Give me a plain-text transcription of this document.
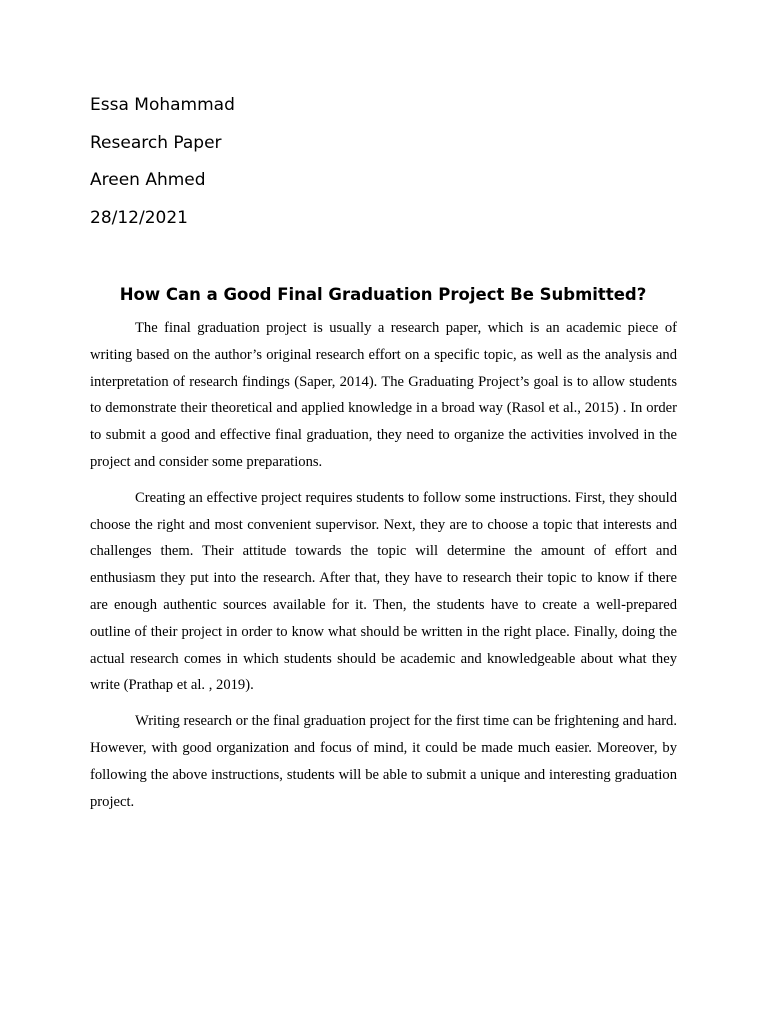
Essa Mohammad
Research Paper
Areen Ahmed
28/12/2021
How Can a Good Final Graduation Project Be Submitted?

The final graduation project is usually a research paper, which is an academic piece of writing based on the author’s original research effort on a specific topic, as well as the analysis and interpretation of research findings (Saper, 2014). The Graduating Project’s goal is to allow students to demonstrate their theoretical and applied knowledge in a broad way (Rasol et al., 2015) . In order to submit a good and effective final graduation, they need to organize the activities involved in the project and consider some preparations.

Creating an effective project requires students to follow some instructions. First, they should choose the right and most convenient supervisor. Next, they are to choose a topic that interests and challenges them. Their attitude towards the topic will determine the amount of effort and enthusiasm they put into the research. After that, they have to research their topic to know if there are enough authentic sources available for it. Then, the students have to create a well-prepared outline of their project in order to know what should be written in the right place. Finally, doing the actual research comes in which students should be academic and knowledgeable about what they write (Prathap et al. , 2019).

Writing research or the final graduation project for the first time can be frightening and hard. However, with good organization and focus of mind, it could be made much easier. Moreover, by following the above instructions, students will be able to submit a unique and interesting graduation project.
